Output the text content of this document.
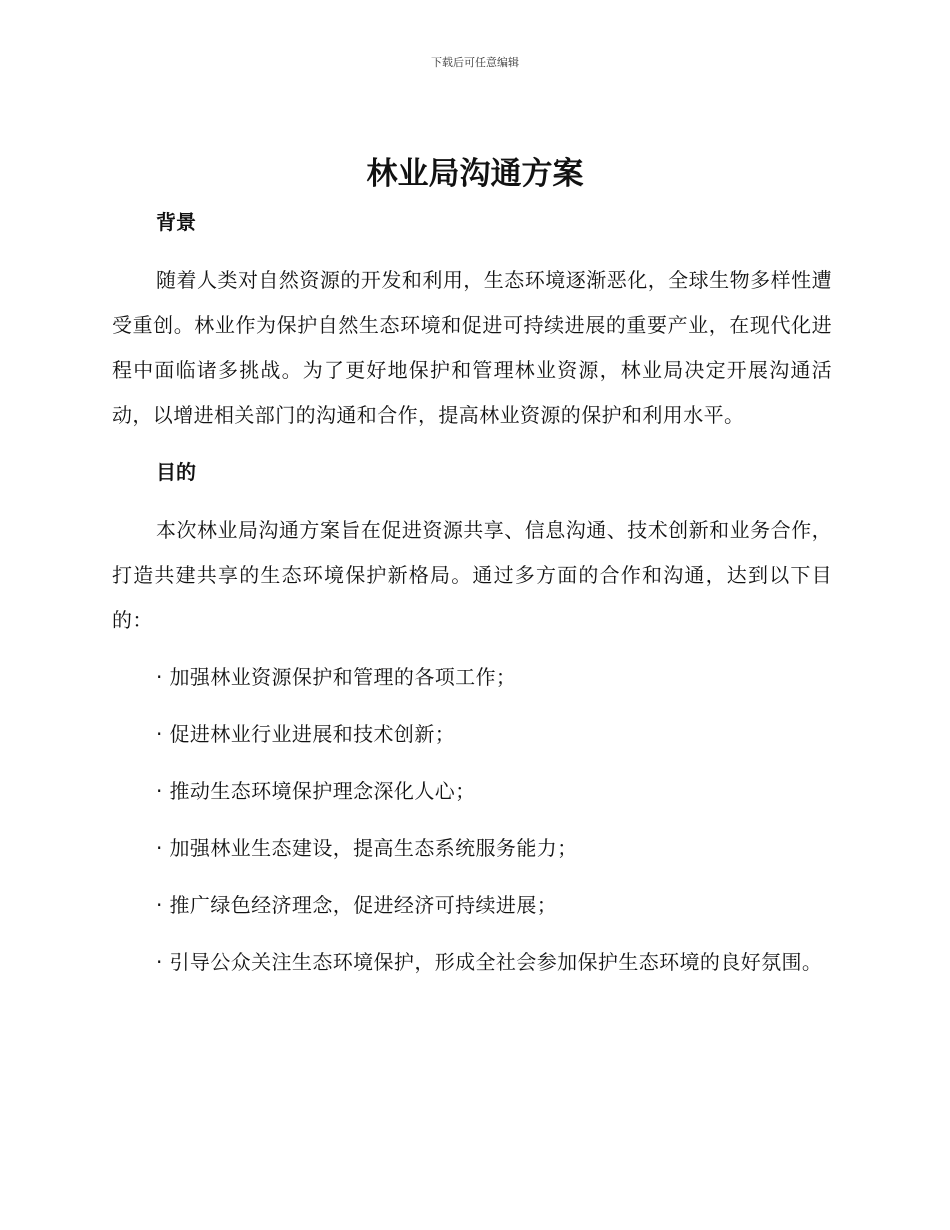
下载后可任意编辑
林业局沟通方案
背景

随着人类对自然资源的开发和利用，生态环境逐渐恶化，全球生物多样性遭受重创。林业作为保护自然生态环境和促进可持续进展的重要产业，在现代化进程中面临诸多挑战。为了更好地保护和管理林业资源，林业局决定开展沟通活动，以增进相关部门的沟通和合作，提高林业资源的保护和利用水平。

目的

本次林业局沟通方案旨在促进资源共享、信息沟通、技术创新和业务合作，打造共建共享的生态环境保护新格局。通过多方面的合作和沟通，达到以下目的：

· 加强林业资源保护和管理的各项工作；
· 促进林业行业进展和技术创新；
· 推动生态环境保护理念深化人心；
· 加强林业生态建设，提高生态系统服务能力；
· 推广绿色经济理念，促进经济可持续进展；
· 引导公众关注生态环境保护，形成全社会参加保护生态环境的良好氛围。
